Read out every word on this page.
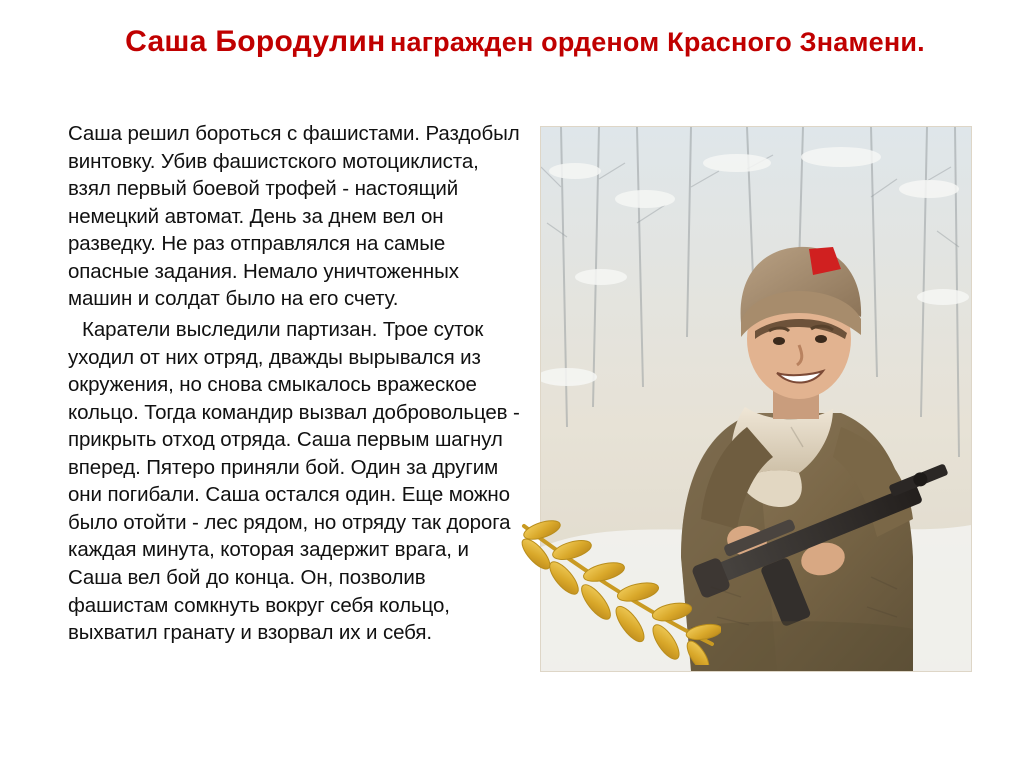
Саша Бородулин награжден орденом Красного Знамени.

Саша решил бороться с фашистами. Раздобыл винтовку. Убив фашистского мотоциклиста, взял первый боевой трофей - настоящий немецкий автомат. День за днем вел он разведку. Не раз отправлялся на самые опасные задания. Немало уничтоженных машин и солдат было на его счету.

Каратели выследили партизан. Трое суток уходил от них отряд, дважды вырывался из окружения, но снова смыкалось вражеское кольцо. Тогда командир вызвал добровольцев - прикрыть отход отряда. Саша первым шагнул вперед. Пятеро приняли бой. Один за другим они погибали. Саша остался один. Еще можно было отойти - лес рядом, но отряду так дорога каждая минута, которая задержит врага, и Саша вел бой до конца. Он, позволив фашистам сомкнуть вокруг себя кольцо, выхватил гранату и взорвал их и себя.
